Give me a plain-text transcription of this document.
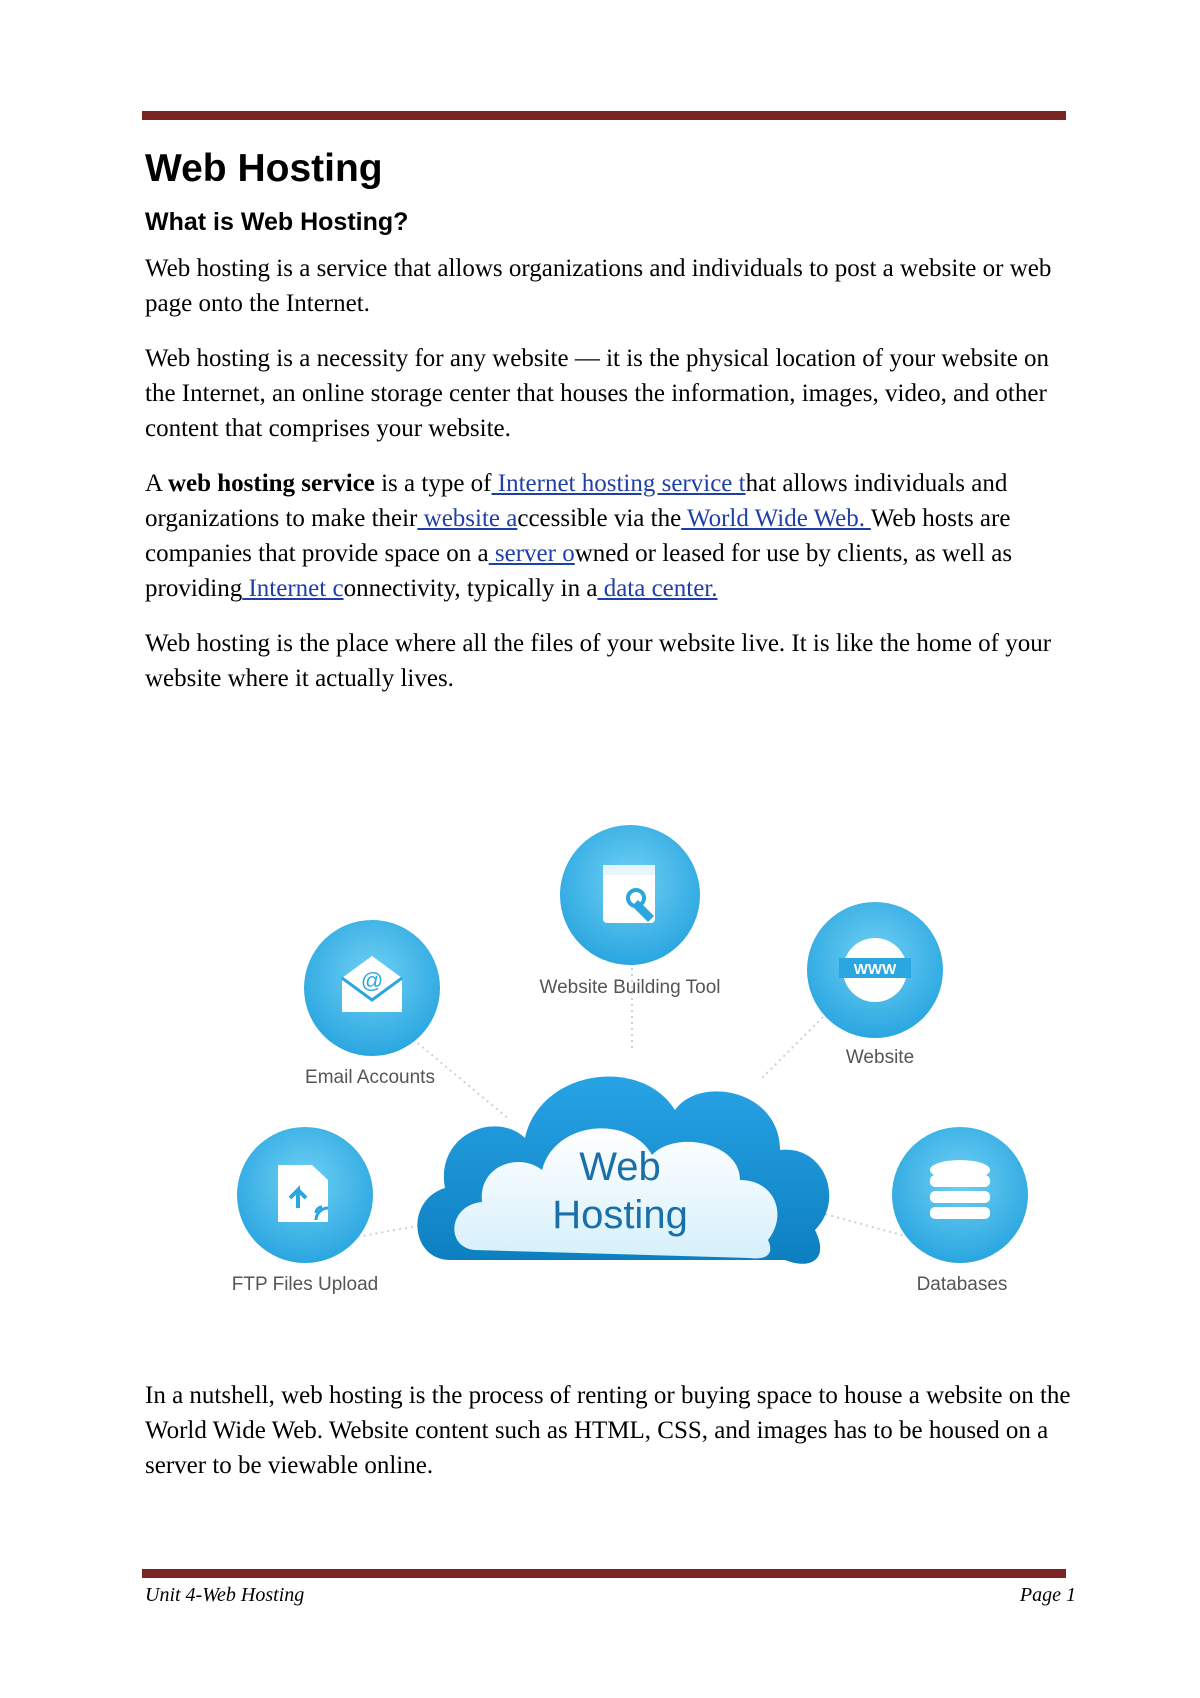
Web Hosting
What is Web Hosting?

Web hosting is a service that allows organizations and individuals to post a website or web page onto the Internet.

Web hosting is a necessity for any website — it is the physical location of your website on the Internet, an online storage center that houses the information, images, video, and other content that comprises your website.

A web hosting service is a type of Internet hosting service that allows individuals and organizations to make their website accessible via the World Wide Web. Web hosts are companies that provide space on a server owned or leased for use by clients, as well as providing Internet connectivity, typically in a data center.

Web hosting is the place where all the files of your website live. It is like the home of your website where it actually lives.

Web
Hosting
Website Building Tool
@
Email Accounts
WWW
Website
FTP Files Upload	Databases

In a nutshell, web hosting is the process of renting or buying space to house a website on the World Wide Web. Website content such as HTML, CSS, and images has to be housed on a server to be viewable online.

Unit 4-Web Hosting	Page 1
